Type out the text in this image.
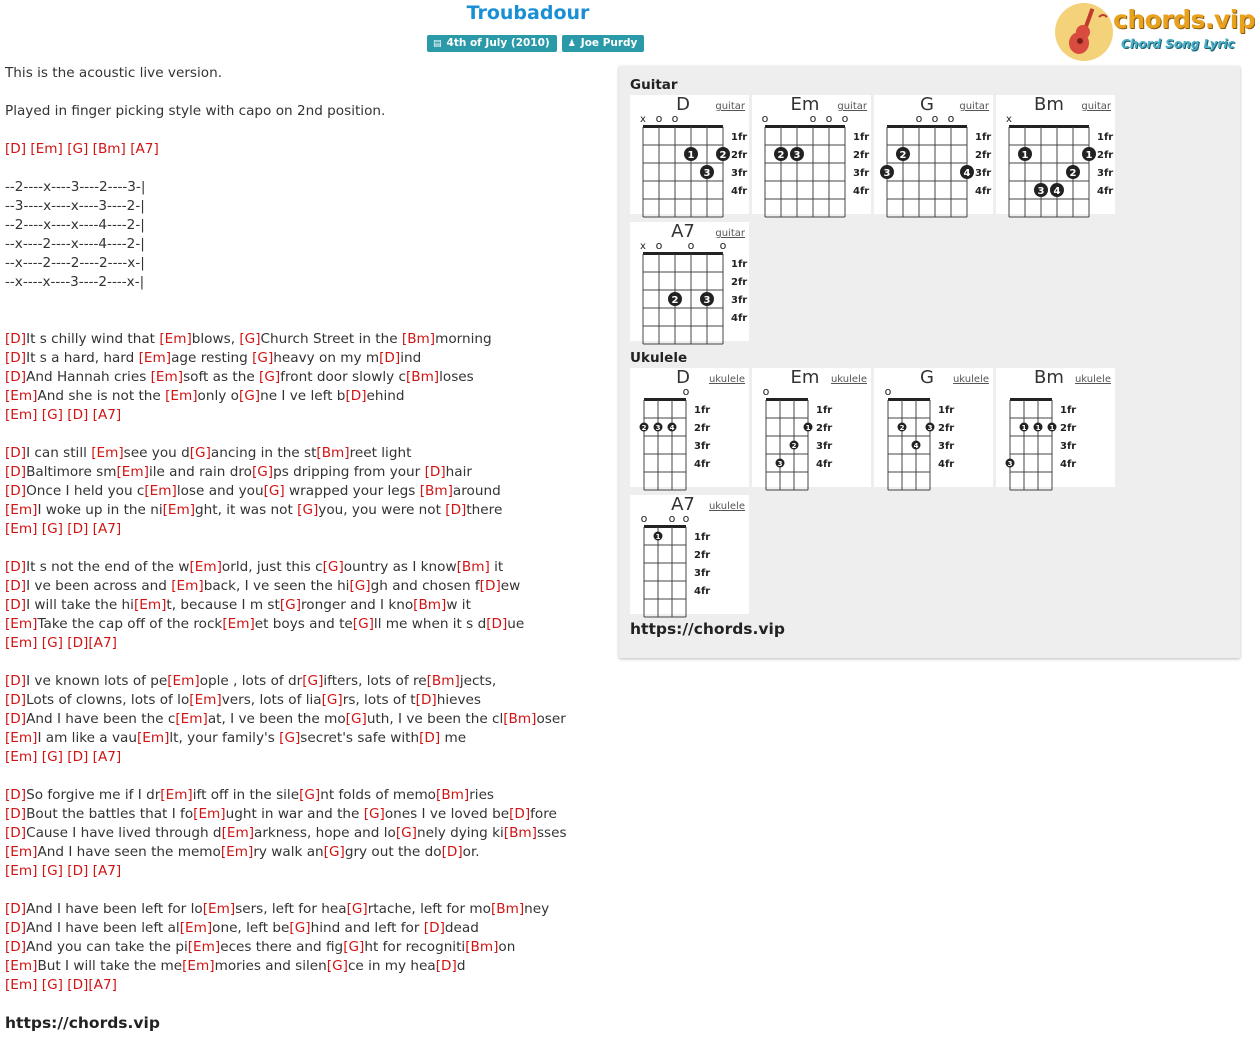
Troubadour
▤ 4th of July (2010)	♟ Joe Purdy
chords.vip
Chord Song Lyric
This is the acoustic live version.
Played in finger picking style with capo on 2nd position.
[D] [Em] [G] [Bm] [A7]
--2----x----3----2----3-|
--3----x----x----3----2-|
--2----x----x----4----2-|
--x----2----x----4----2-|
--x----2----2----2----x-|
--x----x----3----2----x-|
[D]It s chilly wind that [Em]blows, [G]Church Street in the [Bm]morning
[D]It s a hard, hard [Em]age resting [G]heavy on my m[D]ind
[D]And Hannah cries [Em]soft as the [G]front door slowly c[Bm]loses
[Em]And she is not the [Em]only o[G]ne I ve left b[D]ehind
[Em] [G] [D] [A7]
[D]I can still [Em]see you d[G]ancing in the st[Bm]reet light
[D]Baltimore sm[Em]ile and rain dro[G]ps dripping from your [D]hair
[D]Once I held you c[Em]lose and you[G] wrapped your legs [Bm]around
[Em]I woke up in the ni[Em]ght, it was not [G]you, you were not [D]there
[Em] [G] [D] [A7]
[D]It s not the end of the w[Em]orld, just this c[G]ountry as I know[Bm] it
[D]I ve been across and [Em]back, I ve seen the hi[G]gh and chosen f[D]ew
[D]I will take the hi[Em]t, because I m st[G]ronger and I kno[Bm]w it
[Em]Take the cap off of the rock[Em]et boys and te[G]ll me when it s d[D]ue
[Em] [G] [D][A7]
[D]I ve known lots of pe[Em]ople , lots of dr[G]ifters, lots of re[Bm]jects,
[D]Lots of clowns, lots of lo[Em]vers, lots of lia[G]rs, lots of t[D]hieves
[D]And I have been the c[Em]at, I ve been the mo[G]uth, I ve been the cl[Bm]oser
[Em]I am like a vau[Em]lt, your family's [G]secret's safe with[D] me
[Em] [G] [D] [A7]
[D]So forgive me if I dr[Em]ift off in the sile[G]nt folds of memo[Bm]ries
[D]Bout the battles that I fo[Em]ught in war and the [G]ones I ve loved be[D]fore
[D]Cause I have lived through d[Em]arkness, hope and lo[G]nely dying ki[Bm]sses
[Em]And I have seen the memo[Em]ry walk an[G]gry out the do[D]or.
[Em] [G] [D] [A7]
[D]And I have been left for lo[Em]sers, left for hea[G]rtache, left for mo[Bm]ney
[D]And I have been left al[Em]one, left be[G]hind and left for [D]dead
[D]And you can take the pi[Em]eces there and fig[G]ht for recogniti[Bm]on
[Em]But I will take the me[Em]mories and silen[G]ce in my hea[D]d
[Em] [G] [D][A7]
https://chords.vip
Guitar
Ukulele
x o o
1fr
2fr
3fr
4fr
1	2
3
D	guitar
o	o o o
1fr
2fr
3fr
4fr
2 3
Em	guitar
o o o
1fr
2fr
3fr
4fr
2
3	4
G	guitar
x
1fr
2fr
3fr
4fr
1	1
2
3 4
Bm	guitar
x o o o
1fr
2fr
3fr
4fr
2	3
A7	guitar
o
1fr
2fr
3fr
4fr
2 3 4
D	ukulele
o
1fr
2fr
3fr
4fr
1
2
3
Em	ukulele
o
1fr
2fr
3fr
4fr
2	3
4
G	ukulele
1fr
2fr
3fr
4fr
1 1 1
3
Bm	ukulele
o o o
1fr
2fr
3fr
4fr
1
A7	ukulele
https://chords.vip
